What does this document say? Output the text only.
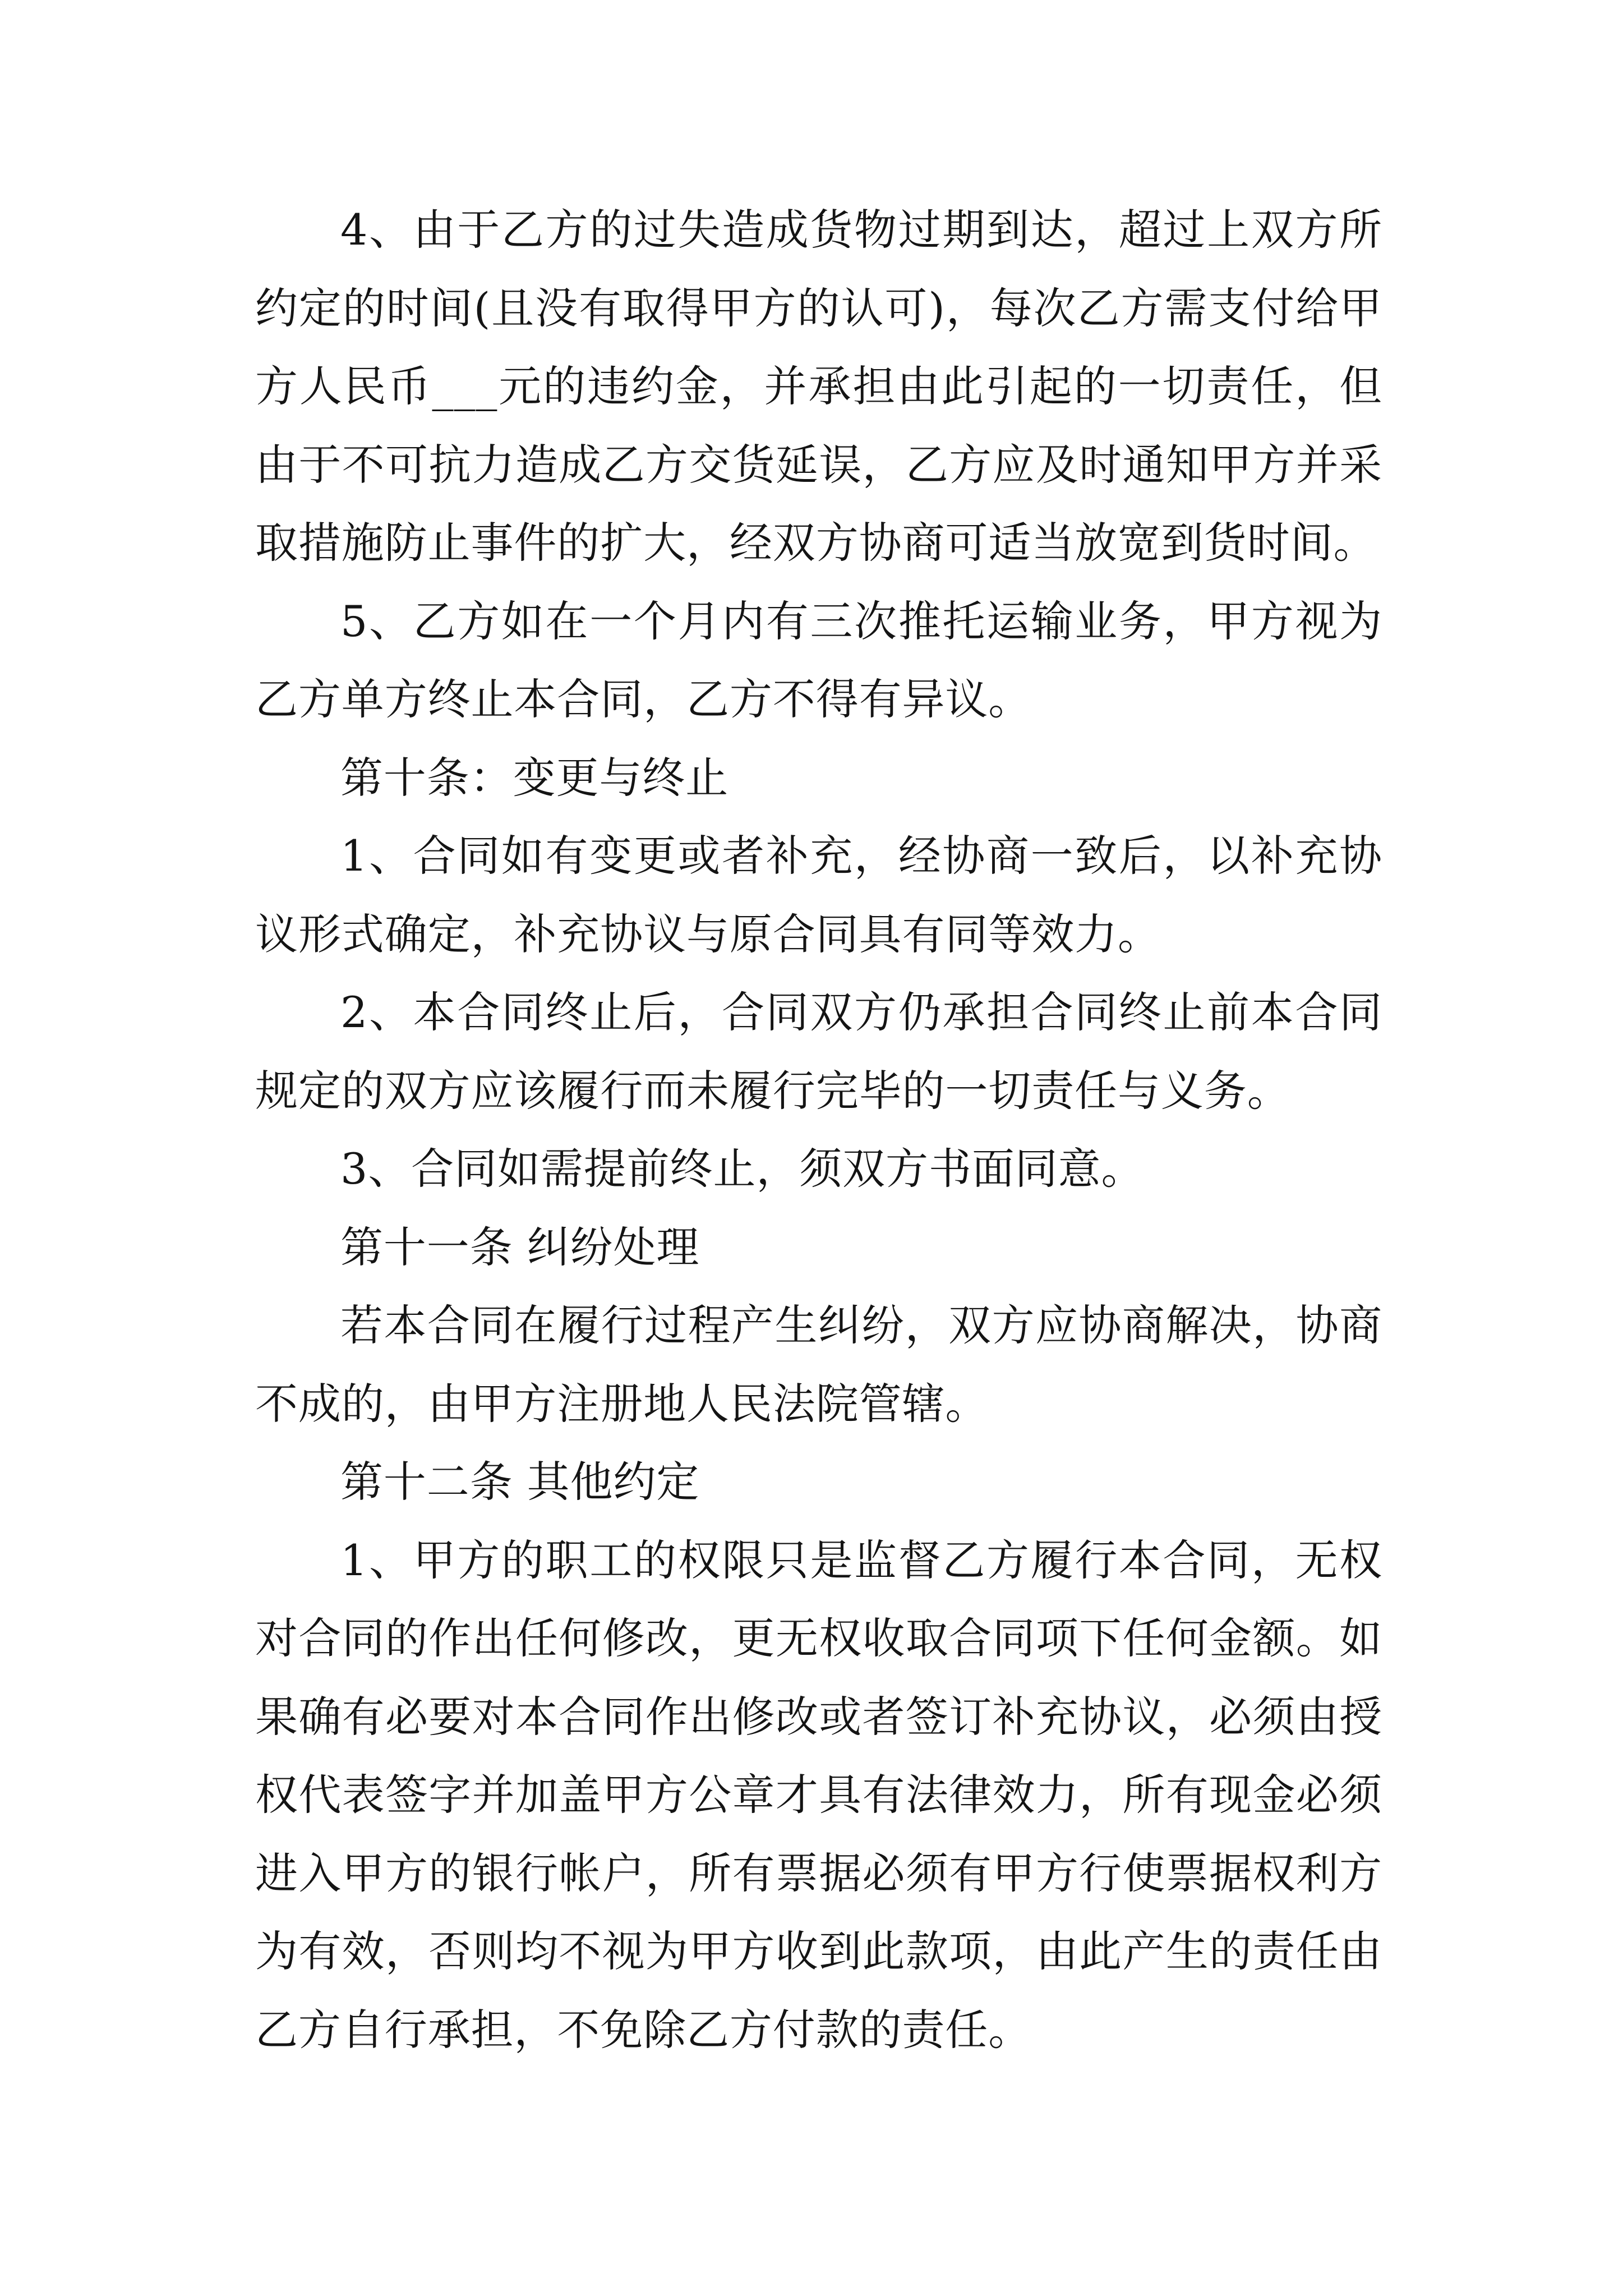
4、由于乙方的过失造成货物过期到达，超过上双方所约定的时间(且没有取得甲方的认可)，每次乙方需支付给甲方人民币___元的违约金，并承担由此引起的一切责任，但由于不可抗力造成乙方交货延误，乙方应及时通知甲方并采取措施防止事件的扩大，经双方协商可适当放宽到货时间。

5、乙方如在一个月内有三次推托运输业务，甲方视为乙方单方终止本合同，乙方不得有异议。

第十条：变更与终止

1、合同如有变更或者补充，经协商一致后，以补充协议形式确定，补充协议与原合同具有同等效力。

2、本合同终止后，合同双方仍承担合同终止前本合同规定的双方应该履行而未履行完毕的一切责任与义务。

3、合同如需提前终止，须双方书面同意。

第十一条 纠纷处理

若本合同在履行过程产生纠纷，双方应协商解决，协商不成的，由甲方注册地人民法院管辖。

第十二条 其他约定

1、甲方的职工的权限只是监督乙方履行本合同，无权对合同的作出任何修改，更无权收取合同项下任何金额。如果确有必要对本合同作出修改或者签订补充协议，必须由授权代表签字并加盖甲方公章才具有法律效力，所有现金必须进入甲方的银行帐户，所有票据必须有甲方行使票据权利方为有效，否则均不视为甲方收到此款项，由此产生的责任由乙方自行承担，不免除乙方付款的责任。
